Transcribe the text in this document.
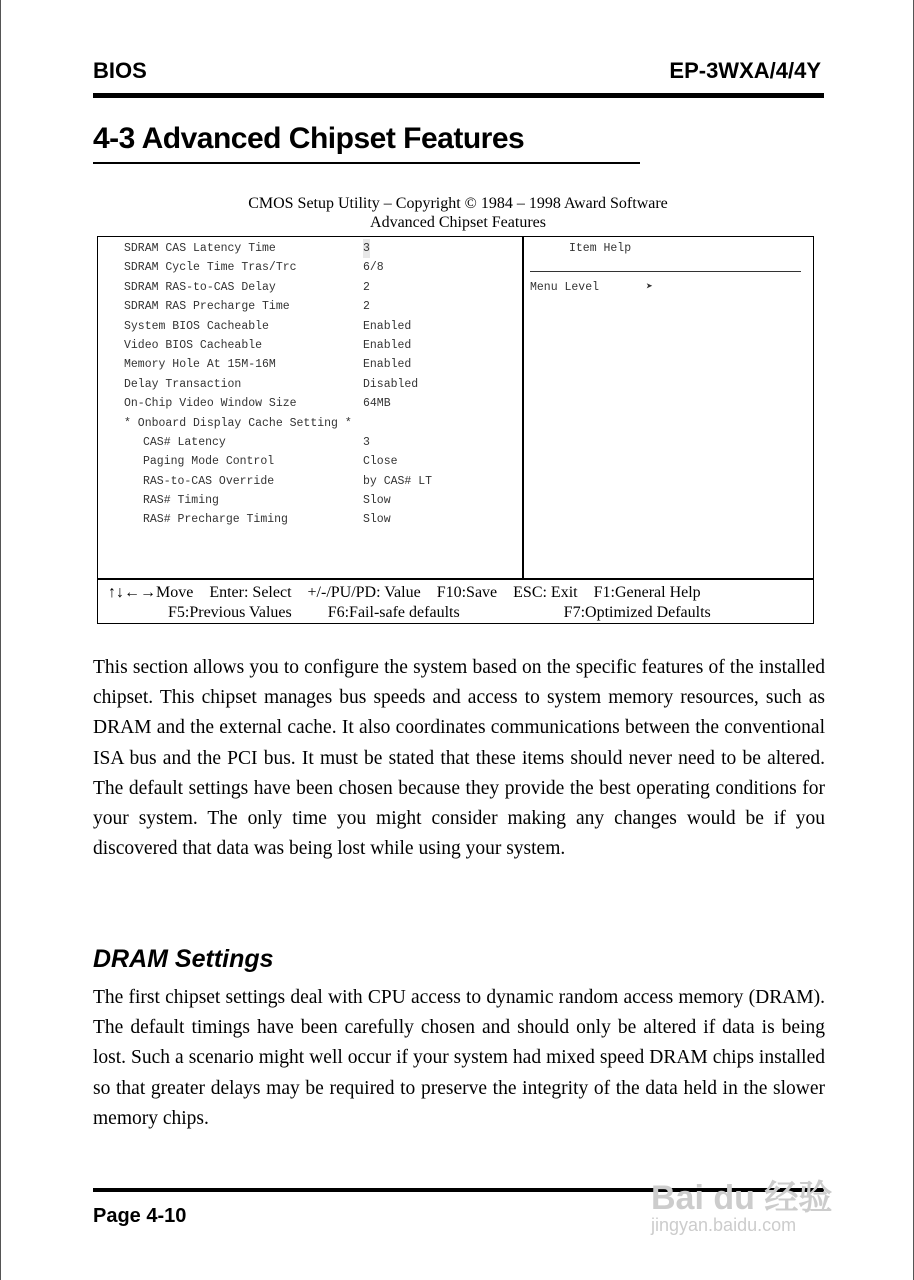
BIOS	EP-3WXA/4/4Y
4-3 Advanced Chipset Features
CMOS Setup Utility – Copyright © 1984 – 1998 Award Software
Advanced Chipset Features
SDRAM CAS Latency Time	3
SDRAM Cycle Time Tras/Trc	6/8
SDRAM RAS-to-CAS Delay	2
SDRAM RAS Precharge Time	2
System BIOS Cacheable	Enabled
Video BIOS Cacheable	Enabled
Memory Hole At 15M-16M	Enabled
Delay Transaction	Disabled
On-Chip Video Window Size	64MB
* Onboard Display Cache Setting *
CAS# Latency	3
Paging Mode Control	Close
RAS-to-CAS Override	by CAS# LT
RAS# Timing	Slow
RAS# Precharge Timing	Slow
Item Help
Menu Level	➤
↑↓←→Move    Enter: Select    +/-/PU/PD: Value    F10:Save    ESC: Exit    F1:General Help
F5:Previous Values         F6:Fail-safe defaults                          F7:Optimized Defaults
This section allows you to configure the system based on the specific features of the installed chipset. This chipset manages bus speeds and access to system memory resources, such as DRAM and the external cache. It also coordinates communications between the conventional ISA bus and the PCI bus. It must be stated that these items should never need to be altered. The default settings have been chosen because they provide the best operating conditions for your system. The only time you might consider making any changes would be if you discovered that data was being lost while using your system.
DRAM Settings
The first chipset settings deal with CPU access to dynamic random access memory (DRAM). The default timings have been carefully chosen and should only be altered if data is being lost. Such a scenario might well occur if your system had mixed speed DRAM chips installed so that greater delays may be required to preserve the integrity of the data held in the slower memory chips.
Page 4-10	Bai du 经验
jingyan.baidu.com
